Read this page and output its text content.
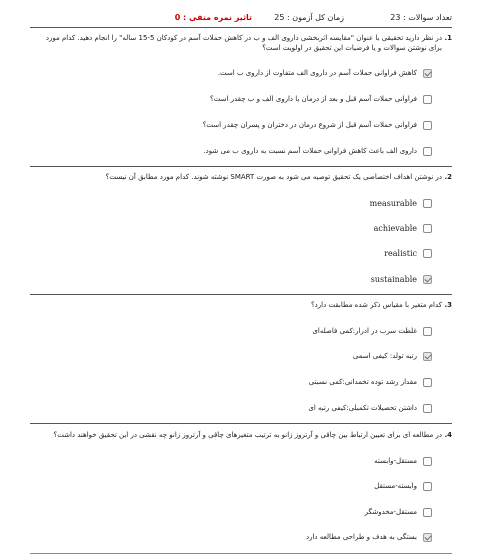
تعداد سوالات : 23
زمان کل آزمون : 25
تاثیر نمره منفی : 0
1.
در نظر دارید تحقیقی با عنوان "مقایسه اثربخشی داروی الف و ب در کاهش حملات آسم در کودکان 5-15 ساله" را انجام دهید. کدام مورد برای نوشتن سوالات و یا فرضیات این تحقیق در اولویت است؟
کاهش فراوانی حملات آسم در داروی الف متفاوت از داروی ب است.
فراوانی حملات آسم قبل و بعد از درمان با داروی الف و ب چقدر است؟
فراوانی حملات آسم قبل از شروع درمان در دختران و پسران چقدر است؟
داروی الف باعث کاهش فراوانی حملات آسم نسبت به داروی ب می شود.
2.
در نوشتن اهداف اختصاصی یک تحقیق توصیه می شود به صورت SMART نوشته شوند. کدام مورد مطابق آن نیست؟
measurable
achievable
realistic
sustainable
3.
کدام متغیر با مقیاس ذکر شده مطابقت دارد؟
غلظت سرب در ادرار:کمی فاصله‌ای
رتبه تولد: کیفی اسمی
مقدار رشد توده تخمدانی:کمی نسبتی
داشتن تحصیلات تکمیلی:کیفی رتبه ای
4.
در مطالعه ای برای تعیین ارتباط بین چاقی و آرتروز زانو به ترتیب متغیرهای چاقی و آرتروز زانو چه نقشی در این تحقیق خواهند داشت؟
مستقل-وابسته
وابسته-مستقل
مستقل-مخدوشگر
بستگی به هدف و طراحی مطالعه دارد
